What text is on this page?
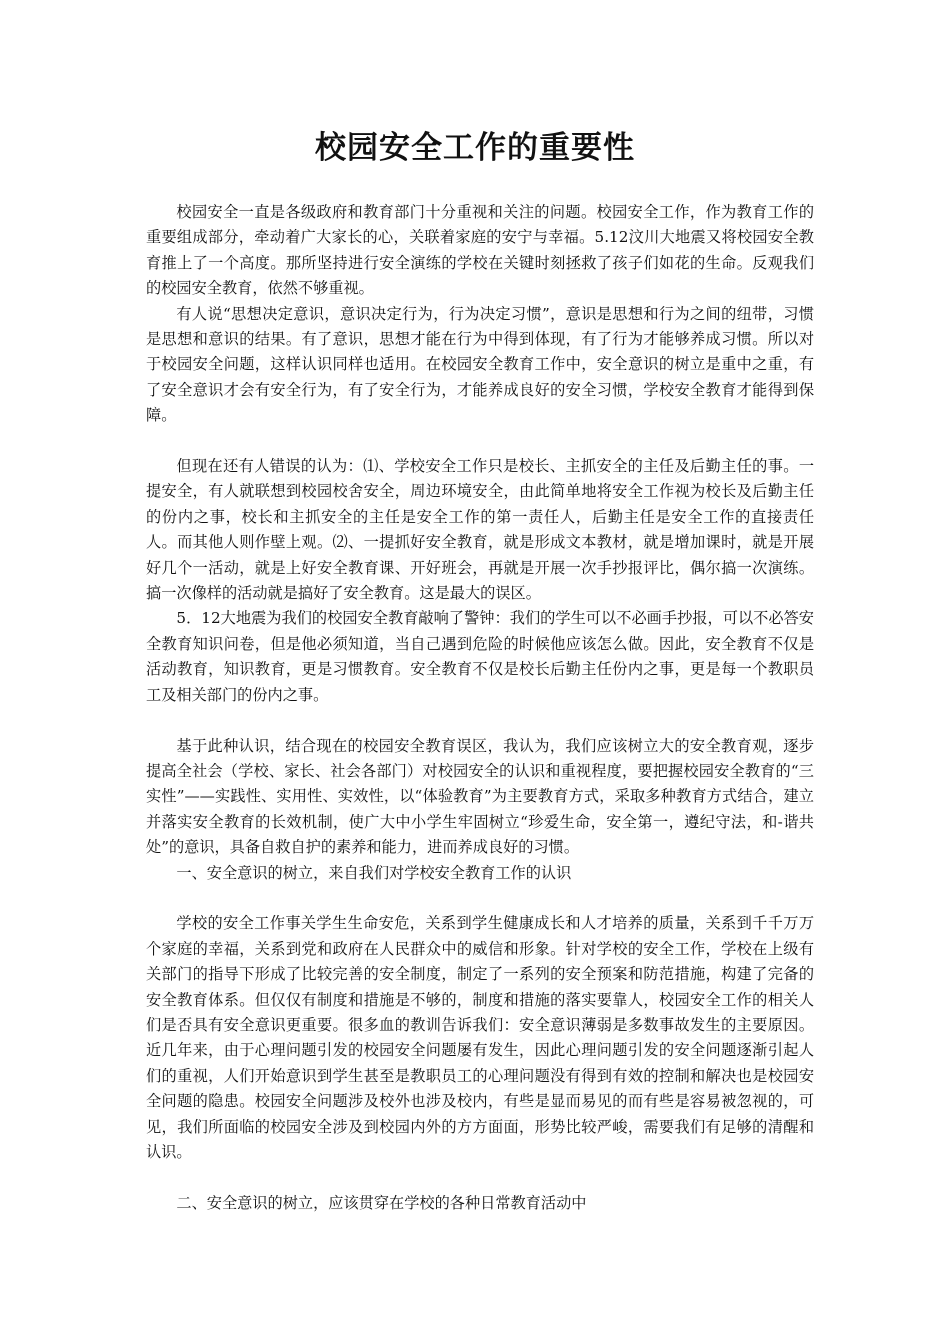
校园安全工作的重要性

校园安全一直是各级政府和教育部门十分重视和关注的问题。校园安全工作，作为教育工作的重要组成部分，牵动着广大家长的心，关联着家庭的安宁与幸福。5.12汶川大地震又将校园安全教育推上了一个高度。那所坚持进行安全演练的学校在关键时刻拯救了孩子们如花的生命。反观我们的校园安全教育，依然不够重视。

有人说“思想决定意识，意识决定行为，行为决定习惯”，意识是思想和行为之间的纽带，习惯是思想和意识的结果。有了意识，思想才能在行为中得到体现，有了行为才能够养成习惯。所以对于校园安全问题，这样认识同样也适用。在校园安全教育工作中，安全意识的树立是重中之重，有了安全意识才会有安全行为，有了安全行为，才能养成良好的安全习惯，学校安全教育才能得到保障。

但现在还有人错误的认为：⑴、学校安全工作只是校长、主抓安全的主任及后勤主任的事。一提安全，有人就联想到校园校舍安全，周边环境安全，由此简单地将安全工作视为校长及后勤主任的份内之事，校长和主抓安全的主任是安全工作的第一责任人，后勤主任是安全工作的直接责任人。而其他人则作壁上观。⑵、一提抓好安全教育，就是形成文本教材，就是增加课时，就是开展好几个一活动，就是上好安全教育课、开好班会，再就是开展一次手抄报评比，偶尔搞一次演练。搞一次像样的活动就是搞好了安全教育。这是最大的误区。

5．12大地震为我们的校园安全教育敲响了警钟：我们的学生可以不必画手抄报，可以不必答安全教育知识问卷，但是他必须知道，当自己遇到危险的时候他应该怎么做。因此，安全教育不仅是活动教育，知识教育，更是习惯教育。安全教育不仅是校长后勤主任份内之事，更是每一个教职员工及相关部门的份内之事。

基于此种认识，结合现在的校园安全教育误区，我认为，我们应该树立大的安全教育观，逐步提高全社会（学校、家长、社会各部门）对校园安全的认识和重视程度，要把握校园安全教育的“三实性”——实践性、实用性、实效性，以“体验教育”为主要教育方式，采取多种教育方式结合，建立并落实安全教育的长效机制，使广大中小学生牢固树立“珍爱生命，安全第一，遵纪守法，和-谐共处”的意识，具备自救自护的素养和能力，进而养成良好的习惯。

一、安全意识的树立，来自我们对学校安全教育工作的认识

学校的安全工作事关学生生命安危，关系到学生健康成长和人才培养的质量，关系到千千万万个家庭的幸福，关系到党和政府在人民群众中的威信和形象。针对学校的安全工作，学校在上级有关部门的指导下形成了比较完善的安全制度，制定了一系列的安全预案和防范措施，构建了完备的安全教育体系。但仅仅有制度和措施是不够的，制度和措施的落实要靠人，校园安全工作的相关人们是否具有安全意识更重要。很多血的教训告诉我们：安全意识薄弱是多数事故发生的主要原因。近几年来，由于心理问题引发的校园安全问题屡有发生，因此心理问题引发的安全问题逐渐引起人们的重视，人们开始意识到学生甚至是教职员工的心理问题没有得到有效的控制和解决也是校园安全问题的隐患。校园安全问题涉及校外也涉及校内，有些是显而易见的而有些是容易被忽视的，可见，我们所面临的校园安全涉及到校园内外的方方面面，形势比较严峻，需要我们有足够的清醒和认识。

二、安全意识的树立，应该贯穿在学校的各种日常教育活动中
